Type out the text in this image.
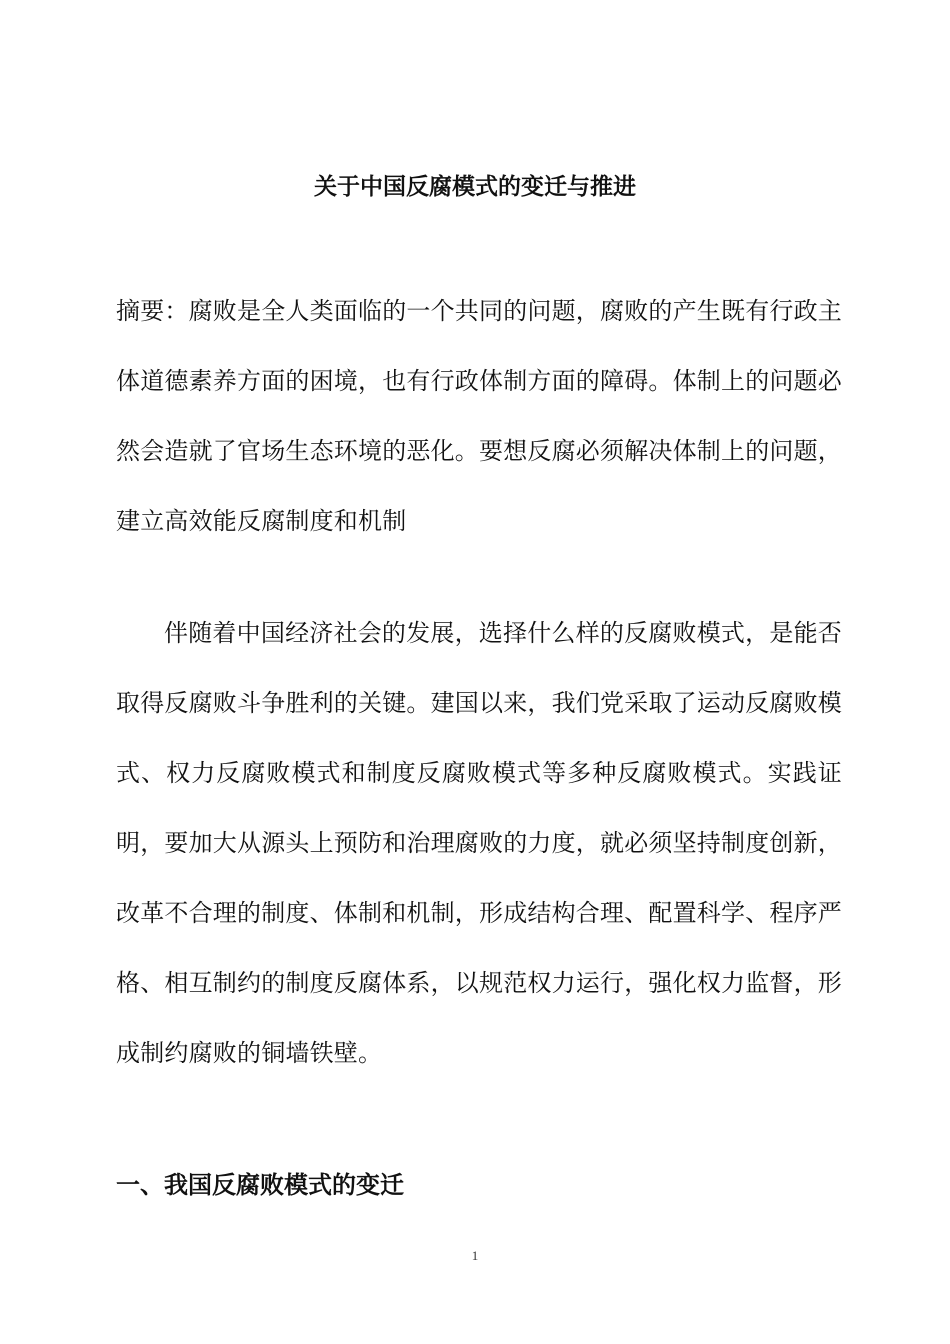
关于中国反腐模式的变迁与推进

摘要：腐败是全人类面临的一个共同的问题，腐败的产生既有行政主体道德素养方面的困境，也有行政体制方面的障碍。体制上的问题必然会造就了官场生态环境的恶化。要想反腐必须解决体制上的问题，建立高效能反腐制度和机制

伴随着中国经济社会的发展，选择什么样的反腐败模式，是能否取得反腐败斗争胜利的关键。建国以来，我们党采取了运动反腐败模式、权力反腐败模式和制度反腐败模式等多种反腐败模式。实践证明，要加大从源头上预防和治理腐败的力度，就必须坚持制度创新，改革不合理的制度、体制和机制，形成结构合理、配置科学、程序严格、相互制约的制度反腐体系，以规范权力运行，强化权力监督，形成制约腐败的铜墙铁壁。

一、我国反腐败模式的变迁
1
